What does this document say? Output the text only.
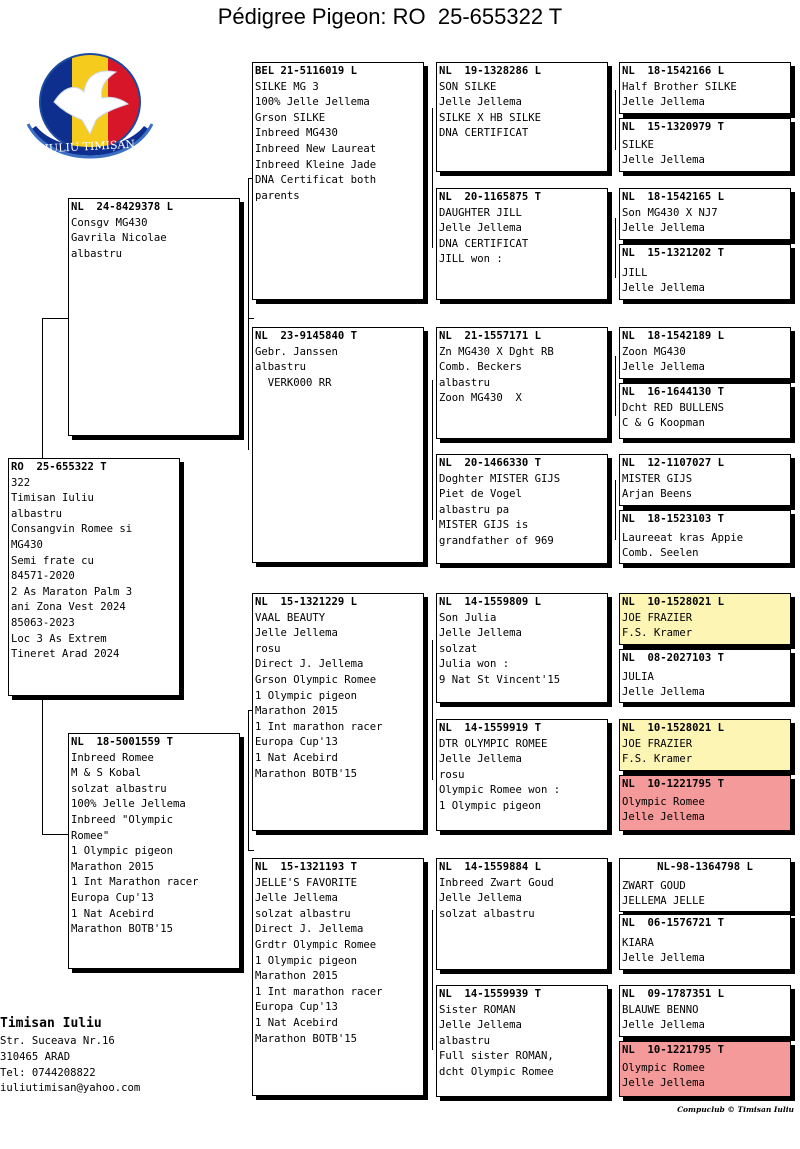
Pédigree Pigeon: RO  25-655322 T
IULIU TIMIȘAN
RO  25-655322 T
322
Timisan Iuliu
albastru
Consangvin Romee si
MG430
Semi frate cu
84571-2020
2 As Maraton Palm 3
ani Zona Vest 2024
85063-2023
Loc 3 As Extrem
Tineret Arad 2024
NL  24-8429378 L
Consgv MG430
Gavrila Nicolae
albastru
NL  18-5001559 T
Inbreed Romee
M & S Kobal
solzat albastru
100% Jelle Jellema
Inbreed "Olympic
Romee"
1 Olympic pigeon
Marathon 2015
1 Int Marathon racer
Europa Cup'13
1 Nat Acebird
Marathon BOTB'15
BEL 21-5116019 L
SILKE MG 3
100% Jelle Jellema
Grson SILKE
Inbreed MG430
Inbreed New Laureat
Inbreed Kleine Jade
DNA Certificat both
parents
NL  23-9145840 T
Gebr. Janssen
albastru
VERK000 RR
NL  15-1321229 L
VAAL BEAUTY
Jelle Jellema
rosu
Direct J. Jellema
Grson Olympic Romee
1 Olympic pigeon
Marathon 2015
1 Int marathon racer
Europa Cup'13
1 Nat Acebird
Marathon BOTB'15
NL  15-1321193 T
JELLE'S FAVORITE
Jelle Jellema
solzat albastru
Direct J. Jellema
Grdtr Olympic Romee
1 Olympic pigeon
Marathon 2015
1 Int marathon racer
Europa Cup'13
1 Nat Acebird
Marathon BOTB'15
NL  19-1328286 L
SON SILKE
Jelle Jellema
SILKE X HB SILKE
DNA CERTIFICAT
NL  20-1165875 T
DAUGHTER JILL
Jelle Jellema
DNA CERTIFICAT
JILL won :
NL  21-1557171 L
Zn MG430 X Dght RB
Comb. Beckers
albastru
Zoon MG430  X
NL  20-1466330 T
Doghter MISTER GIJS
Piet de Vogel
albastru pa
MISTER GIJS is
grandfather of 969
NL  14-1559809 L
Son Julia
Jelle Jellema
solzat
Julia won :
9 Nat St Vincent'15
NL  14-1559919 T
DTR OLYMPIC ROMEE
Jelle Jellema
rosu
Olympic Romee won :
1 Olympic pigeon
NL  14-1559884 L
Inbreed Zwart Goud
Jelle Jellema
solzat albastru
NL  14-1559939 T
Sister ROMAN
Jelle Jellema
albastru
Full sister ROMAN,
dcht Olympic Romee
NL  18-1542166 L
Half Brother SILKE
Jelle Jellema
NL  15-1320979 T
SILKE
Jelle Jellema
NL  18-1542165 L
Son MG430 X NJ7
Jelle Jellema
NL  15-1321202 T
JILL
Jelle Jellema
NL  18-1542189 L
Zoon MG430
Jelle Jellema
NL  16-1644130 T
Dcht RED BULLENS
C & G Koopman
NL  12-1107027 L
MISTER GIJS
Arjan Beens
NL  18-1523103 T
Laureeat kras Appie
Comb. Seelen
NL  10-1528021 L
JOE FRAZIER
F.S. Kramer
NL  08-2027103 T
JULIA
Jelle Jellema
NL  10-1528021 L
JOE FRAZIER
F.S. Kramer
NL  10-1221795 T
Olympic Romee
Jelle Jellema
NL-98-1364798 L
ZWART GOUD
JELLEMA JELLE
NL  06-1576721 T
KIARA
Jelle Jellema
NL  09-1787351 L
BLAUWE BENNO
Jelle Jellema
NL  10-1221795 T
Olympic Romee
Jelle Jellema
Timisan Iuliu
Str. Suceava Nr.16
310465 ARAD
Tel: 0744208822
iuliutimisan@yahoo.com
Compuclub © Timisan Iuliu
